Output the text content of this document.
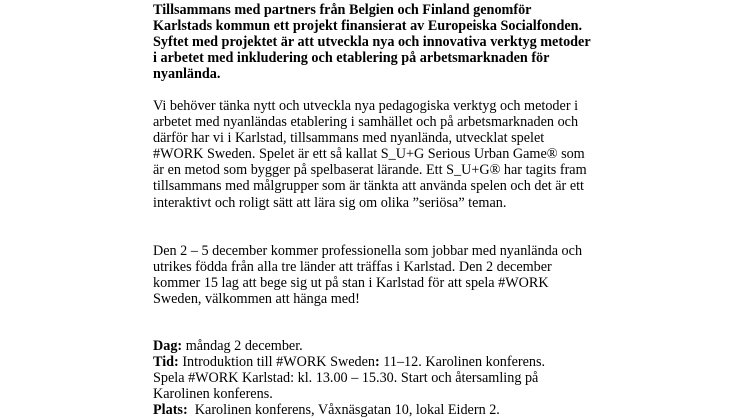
Tillsammans med partners från Belgien och Finland genomför
Karlstads kommun ett projekt finansierat av Europeiska Socialfonden.
Syftet med projektet är att utveckla nya och innovativa verktyg metoder
i arbetet med inkludering och etablering på arbetsmarknaden för
nyanlända.

Vi behöver tänka nytt och utveckla nya pedagogiska verktyg och metoder i
arbetet med nyanländas etablering i samhället och på arbetsmarknaden och
därför har vi i Karlstad, tillsammans med nyanlända, utvecklat spelet
#WORK Sweden. Spelet är ett så kallat S_U+G Serious Urban Game® som
är en metod som bygger på spelbaserat lärande. Ett S_U+G® har tagits fram
tillsammans med målgrupper som är tänkta att använda spelen och det är ett
interaktivt och roligt sätt att lära sig om olika ”seriösa” teman.

Den 2 – 5 december kommer professionella som jobbar med nyanlända och
utrikes födda från alla tre länder att träffas i Karlstad. Den 2 december
kommer 15 lag att bege sig ut på stan i Karlstad för att spela #WORK
Sweden, välkommen att hänga med!

Dag: måndag 2 december.
Tid: Introduktion till #WORK Sweden: 11–12. Karolinen konferens.
Spela #WORK Karlstad: kl. 13.00 – 15.30. Start och återsamling på
Karolinen konferens.
Plats:  Karolinen konferens, Våxnäsgatan 10, lokal Eidern 2.
